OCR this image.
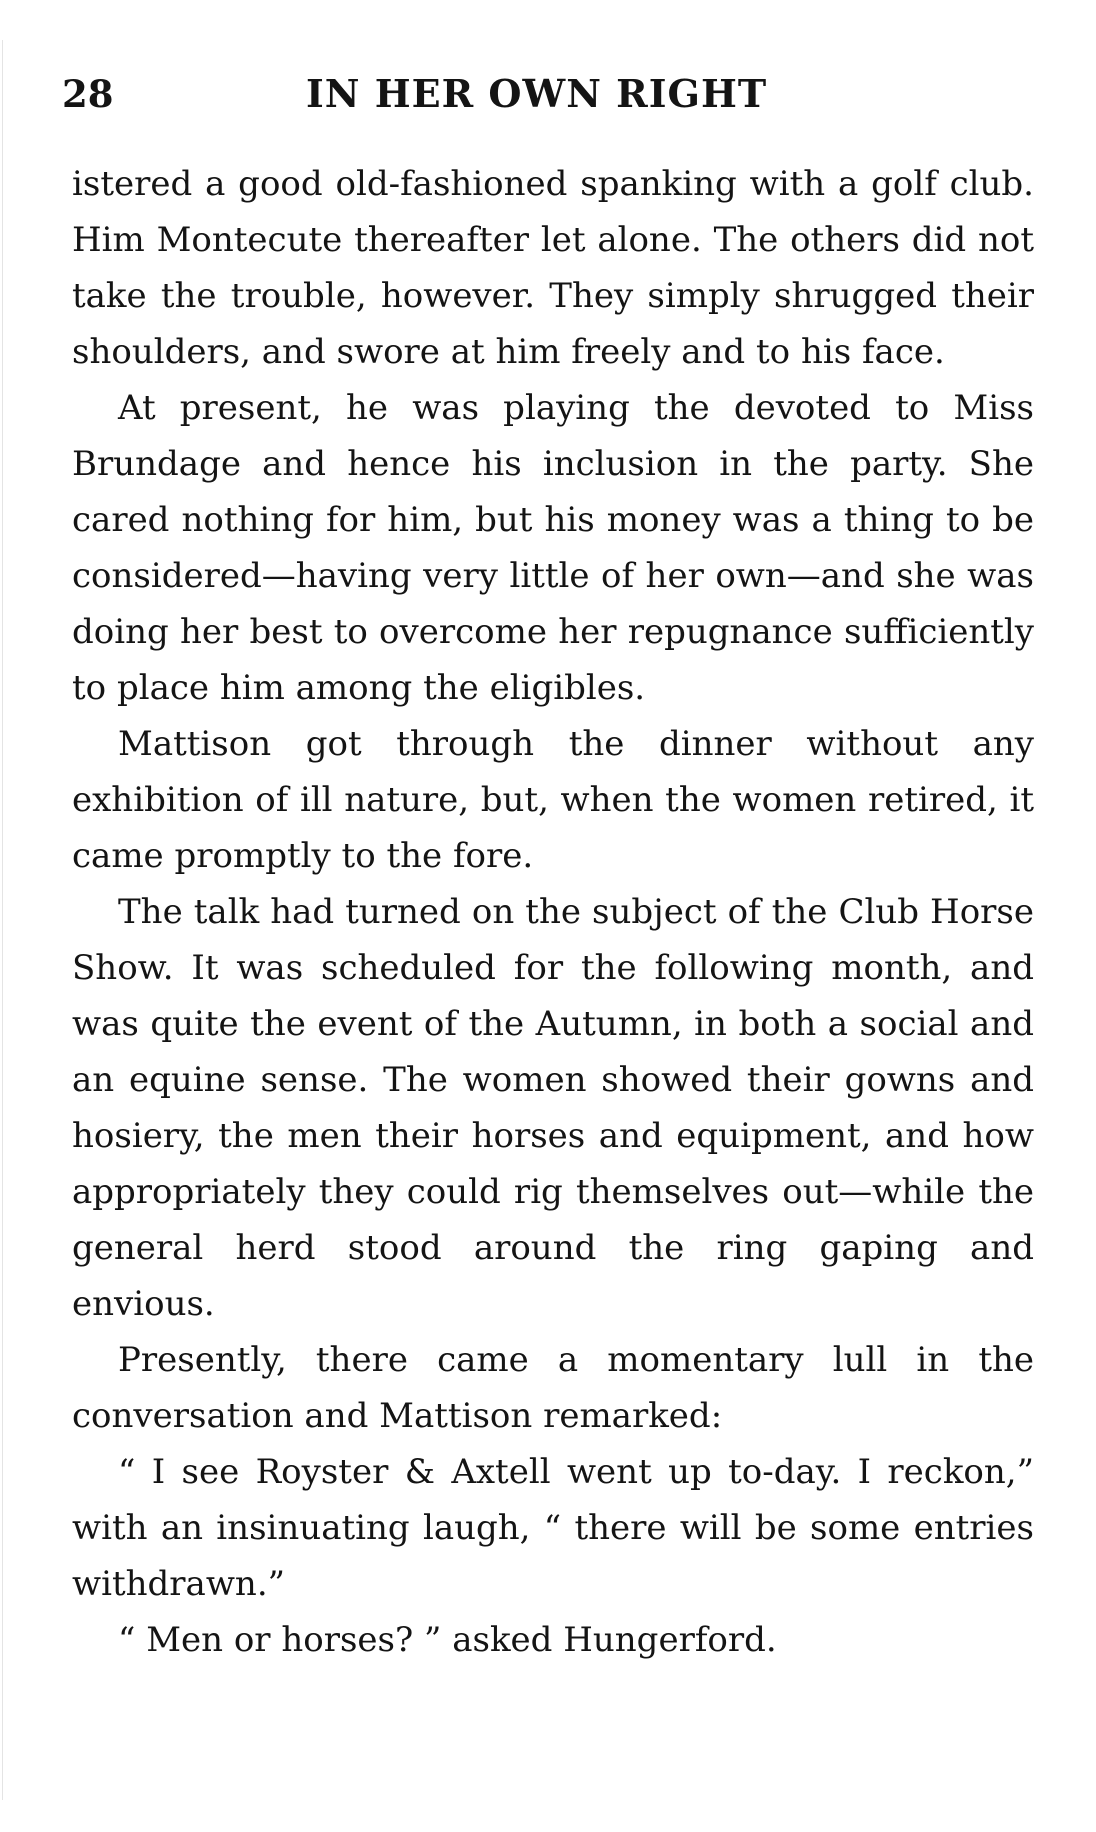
28	IN HER OWN RIGHT

istered a good old-fashioned spanking with a golf club. Him Montecute thereafter let alone. The others did not take the trouble, however. They simply shrugged their shoulders, and swore at him freely and to his face.

At present, he was playing the devoted to Miss Brundage and hence his inclusion in the party. She cared nothing for him, but his money was a thing to be considered—having very little of her own—and she was doing her best to overcome her repugnance sufficiently to place him among the eligibles.

Mattison got through the dinner without any exhibition of ill nature, but, when the women retired, it came promptly to the fore.

The talk had turned on the subject of the Club Horse Show. It was scheduled for the following month, and was quite the event of the Autumn, in both a social and an equine sense. The women showed their gowns and hosiery, the men their horses and equipment, and how appropriately they could rig themselves out—while the general herd stood around the ring gaping and envious.

Presently, there came a momentary lull in the conversation and Mattison remarked:

“ I see Royster & Axtell went up to-day. I reckon,” with an insinuating laugh, “ there will be some entries withdrawn.”

“ Men or horses? ” asked Hungerford.
